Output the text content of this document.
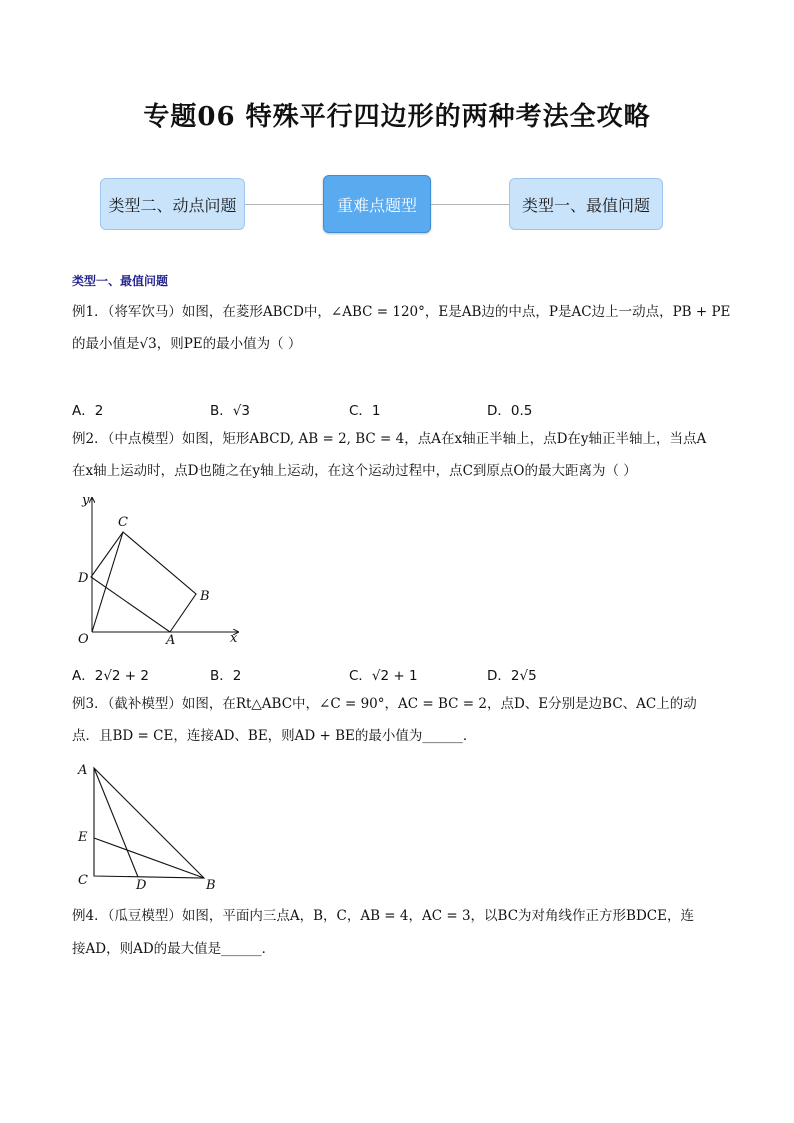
专题06 特殊平行四边形的两种考法全攻略
类型二、动点问题	重难点题型	类型一、最值问题
类型一、最值问题
例1．（将军饮马）如图，在菱形ABCD中，∠ABC = 120°，E是AB边的中点，P是AC边上一动点，PB + PE
的最小值是√3，则PE的最小值为（ ）
A．2	B．√3	C．1	D．0.5
例2．（中点模型）如图，矩形ABCD, AB = 2, BC = 4，点A在x轴正半轴上，点D在y轴正半轴上，当点A
在x轴上运动时，点D也随之在y轴上运动，在这个运动过程中，点C到原点O的最大距离为（ ）
y
x
O	A
B
C
D
A．2√2 + 2	B．2	C．√2 + 1	D．2√5
例3．（截补模型）如图，在Rt△ABC中，∠C = 90°，AC = BC = 2，点D、E分别是边BC、AC上的动
点．且BD = CE，连接AD、BE，则AD + BE的最小值为______．
A
E
C	D	B
例4．（瓜豆模型）如图，平面内三点A，B，C，AB = 4，AC = 3，以BC为对角线作正方形BDCE，连
接AD，则AD的最大值是______．
